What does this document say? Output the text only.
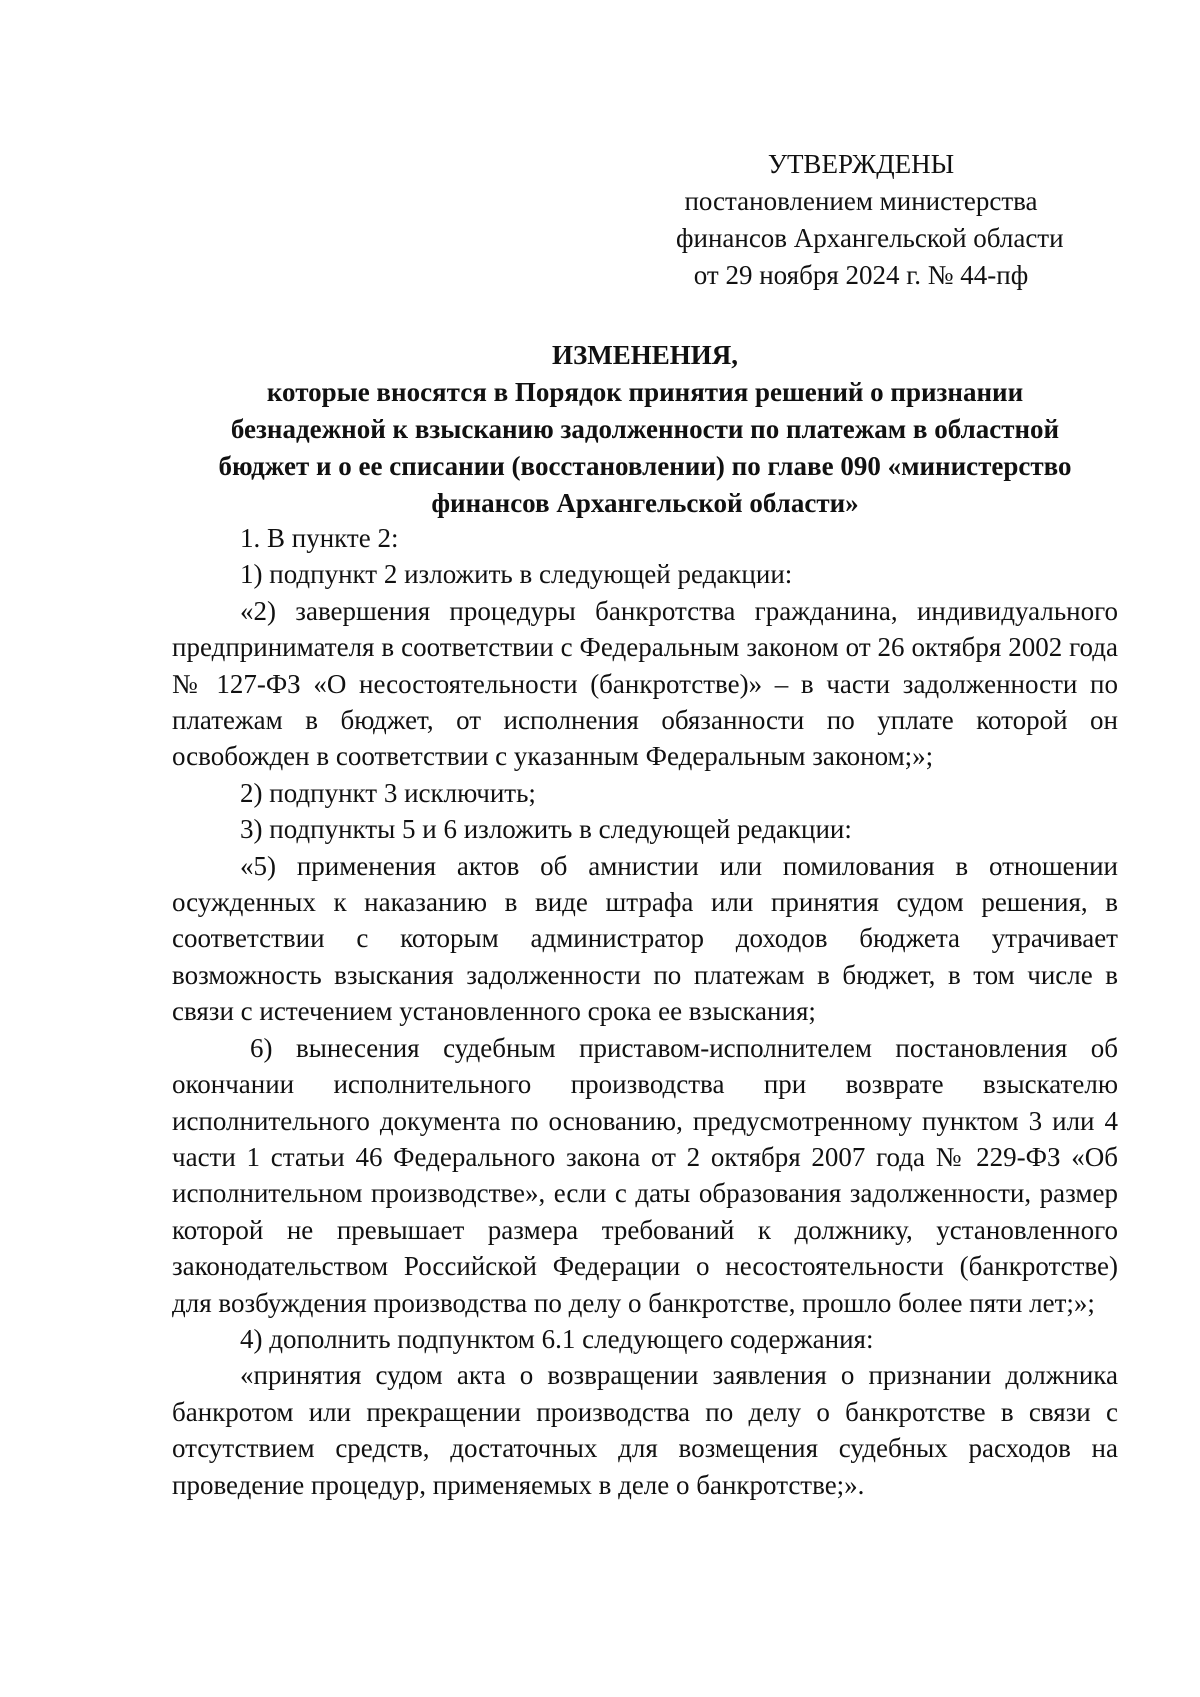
УТВЕРЖДЕНЫ
постановлением министерства
финансов Архангельской области
от 29 ноября 2024 г. № 44-пф
ИЗМЕНЕНИЯ,
которые вносятся в Порядок принятия решений о признании
безнадежной к взысканию задолженности по платежам в областной
бюджет и о ее списании (восстановлении) по главе 090 «министерство
финансов Архангельской области»

1. В пункте 2:

1) подпункт 2 изложить в следующей редакции:

«2) завершения процедуры банкротства гражданина, индивидуального предпринимателя в соответствии с Федеральным законом от 26 октября 2002 года № 127-ФЗ «О несостоятельности (банкротстве)» – в части задолженности по платежам в бюджет, от исполнения обязанности по уплате которой он освобожден в соответствии с указанным Федеральным законом;»;

2) подпункт 3 исключить;

3) подпункты 5 и 6 изложить в следующей редакции:

«5) применения актов об амнистии или помилования в отношении осужденных к наказанию в виде штрафа или принятия судом решения, в соответствии с которым администратор доходов бюджета утрачивает возможность взыскания задолженности по платежам в бюджет, в том числе в связи с истечением установленного срока ее взыскания;

6) вынесения судебным приставом-исполнителем постановления об окончании исполнительного производства при возврате взыскателю исполнительного документа по основанию, предусмотренному пунктом 3 или 4 части 1 статьи 46 Федерального закона от 2 октября 2007 года № 229-ФЗ «Об исполнительном производстве», если с даты образования задолженности, размер которой не превышает размера требований к должнику, установленного законодательством Российской Федерации о несостоятельности (банкротстве) для возбуждения производства по делу о банкротстве, прошло более пяти лет;»;

4) дополнить подпунктом 6.1 следующего содержания:

«принятия судом акта о возвращении заявления о признании должника банкротом или прекращении производства по делу о банкротстве в связи с отсутствием средств, достаточных для возмещения судебных расходов на проведение процедур, применяемых в деле о банкротстве;».
